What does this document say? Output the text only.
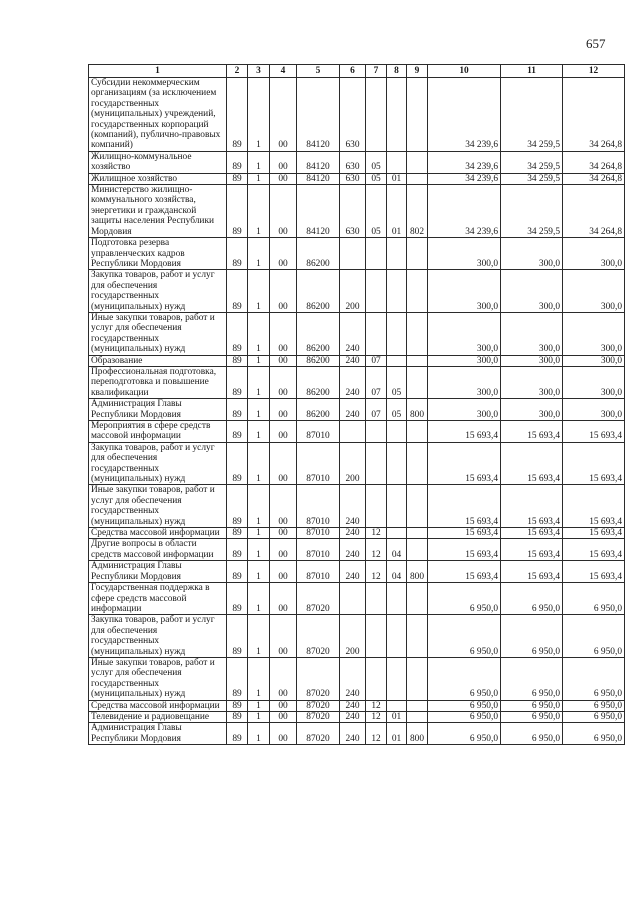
657
1	2	3	4	5	6	7	8	9	10	11	12
Субсидии некоммерческим организациям (за исключением государственных (муниципальных) учреждений, государственных корпораций (компаний), публично-правовых компаний)	89	1	00	84120	630				34 239,6	34 259,5	34 264,8
Жилищно-коммунальное хозяйство	89	1	00	84120	630	05			34 239,6	34 259,5	34 264,8
Жилищное хозяйство	89	1	00	84120	630	05	01		34 239,6	34 259,5	34 264,8
Министерство жилищно-коммунального хозяйства, энергетики и гражданской защиты населения Республики Мордовия	89	1	00	84120	630	05	01	802	34 239,6	34 259,5	34 264,8
Подготовка резерва управленческих кадров Республики Мордовия	89	1	00	86200					300,0	300,0	300,0
Закупка товаров, работ и услуг для обеспечения государственных (муниципальных) нужд	89	1	00	86200	200				300,0	300,0	300,0
Иные закупки товаров, работ и услуг для обеспечения государственных (муниципальных) нужд	89	1	00	86200	240				300,0	300,0	300,0
Образование	89	1	00	86200	240	07			300,0	300,0	300,0
Профессиональная подготовка, переподготовка и повышение квалификации	89	1	00	86200	240	07	05		300,0	300,0	300,0
Администрация Главы Республики Мордовия	89	1	00	86200	240	07	05	800	300,0	300,0	300,0
Мероприятия в сфере средств массовой информации	89	1	00	87010					15 693,4	15 693,4	15 693,4
Закупка товаров, работ и услуг для обеспечения государственных (муниципальных) нужд	89	1	00	87010	200				15 693,4	15 693,4	15 693,4
Иные закупки товаров, работ и услуг для обеспечения государственных (муниципальных) нужд	89	1	00	87010	240				15 693,4	15 693,4	15 693,4
Средства массовой информации	89	1	00	87010	240	12			15 693,4	15 693,4	15 693,4
Другие вопросы в области средств массовой информации	89	1	00	87010	240	12	04		15 693,4	15 693,4	15 693,4
Администрация Главы Республики Мордовия	89	1	00	87010	240	12	04	800	15 693,4	15 693,4	15 693,4
Государственная поддержка в сфере средств массовой информации	89	1	00	87020					6 950,0	6 950,0	6 950,0
Закупка товаров, работ и услуг для обеспечения государственных (муниципальных) нужд	89	1	00	87020	200				6 950,0	6 950,0	6 950,0
Иные закупки товаров, работ и услуг для обеспечения государственных (муниципальных) нужд	89	1	00	87020	240				6 950,0	6 950,0	6 950,0
Средства массовой информации	89	1	00	87020	240	12			6 950,0	6 950,0	6 950,0
Телевидение и радиовещание	89	1	00	87020	240	12	01		6 950,0	6 950,0	6 950,0
Администрация Главы Республики Мордовия	89	1	00	87020	240	12	01	800	6 950,0	6 950,0	6 950,0
